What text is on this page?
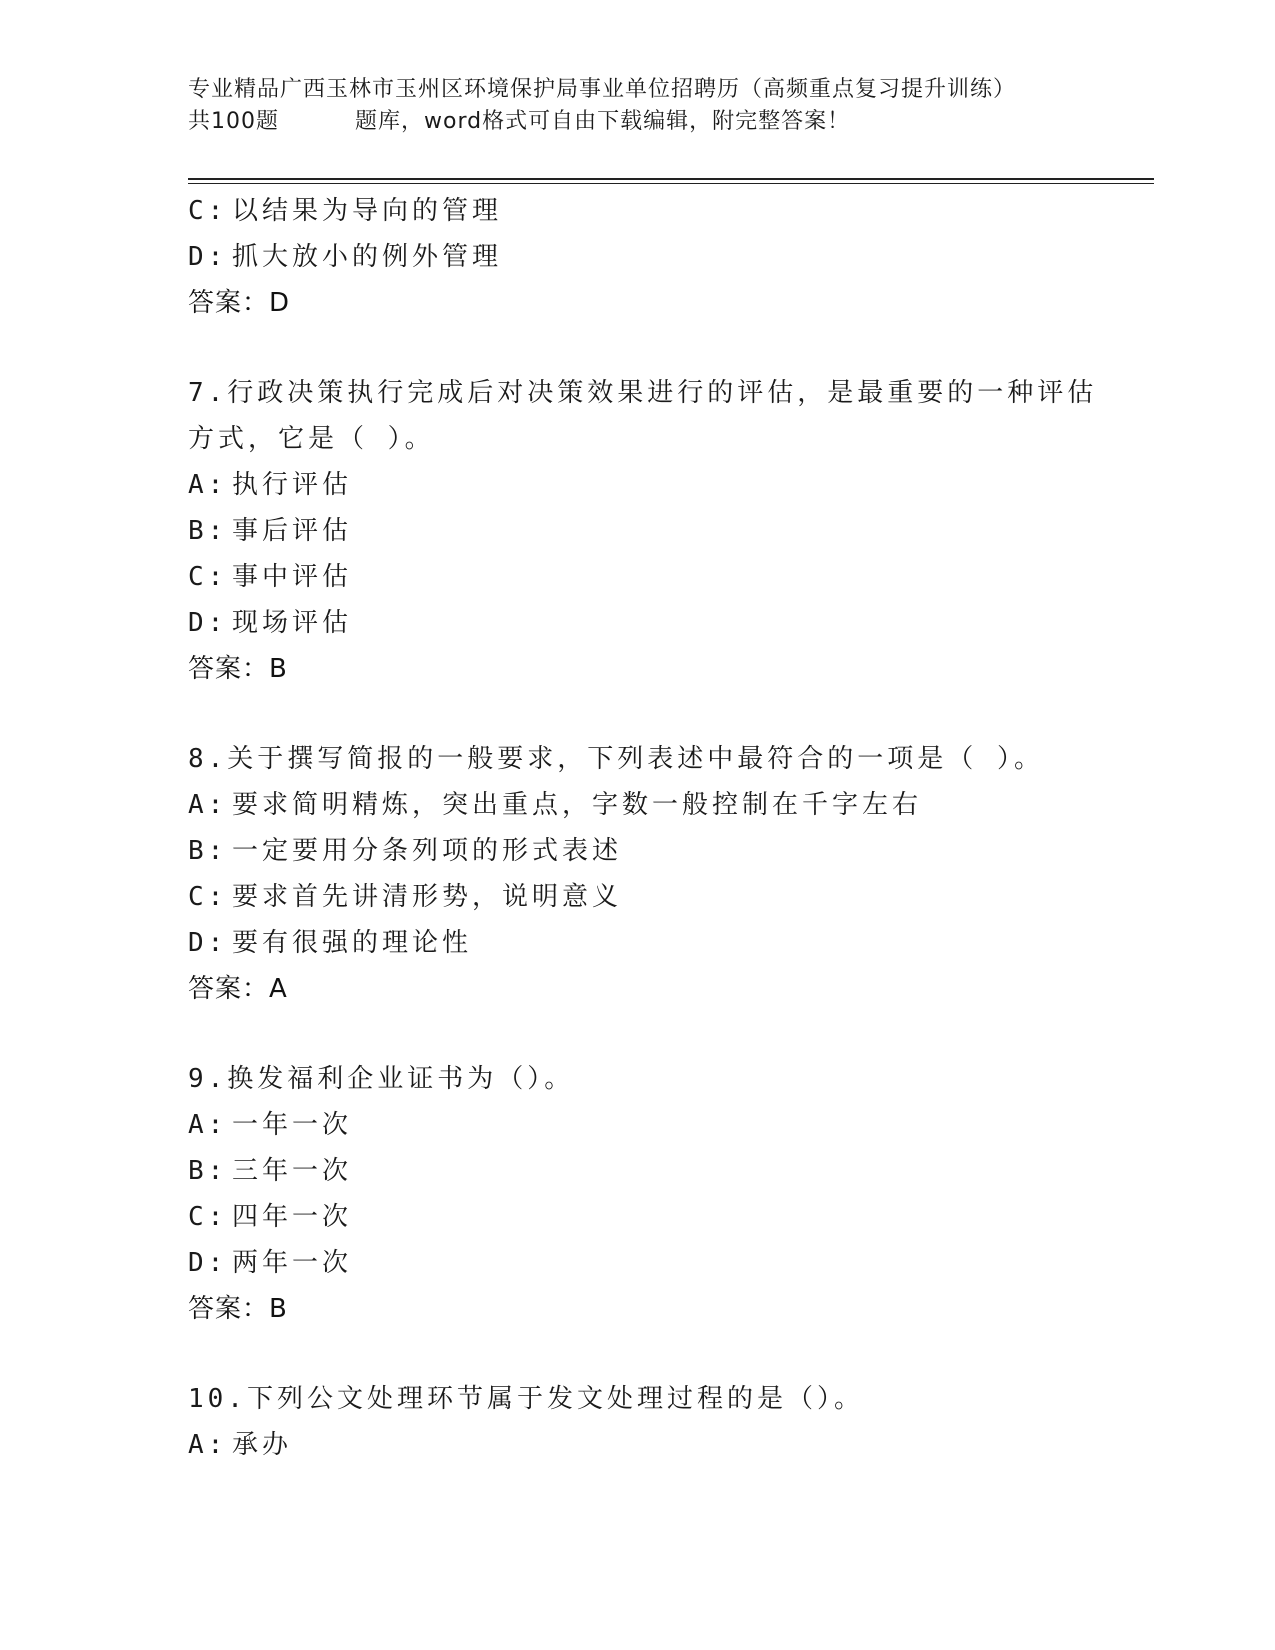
专业精品广西玉林市玉州区环境保护局事业单位招聘历（高频重点复习提升训练）
共100题	题库，word格式可自由下载编辑，附完整答案！
C: 以结果为导向的管理
D: 抓大放小的例外管理
答案：D
7.行政决策执行完成后对决策效果进行的评估，是最重要的一种评估
方式，它是（ ）。
A: 执行评估
B: 事后评估
C: 事中评估
D: 现场评估
答案：B
8.关于撰写简报的一般要求，下列表述中最符合的一项是（ ）。
A: 要求简明精炼，突出重点，字数一般控制在千字左右
B: 一定要用分条列项的形式表述
C: 要求首先讲清形势，说明意义
D: 要有很强的理论性
答案：A
9.换发福利企业证书为（）。
A: 一年一次
B: 三年一次
C: 四年一次
D: 两年一次
答案：B
10.下列公文处理环节属于发文处理过程的是（）。
A: 承办
